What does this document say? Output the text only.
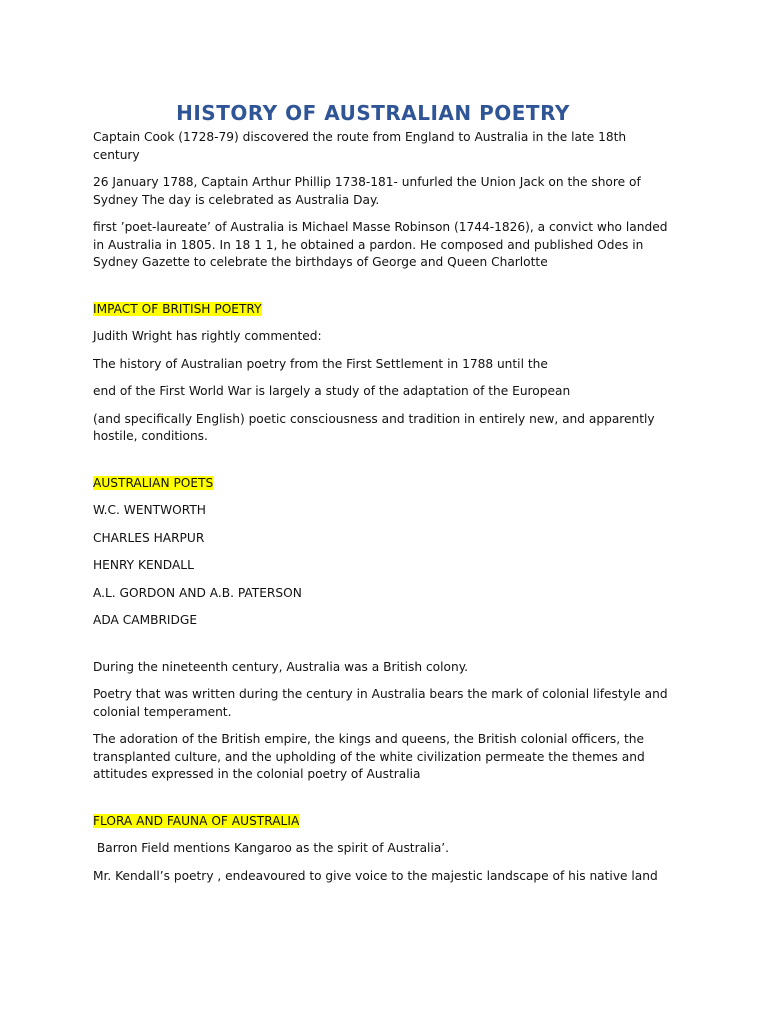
HISTORY OF AUSTRALIAN POETRY

Captain Cook (1728-79) discovered the route from England to Australia in the late 18th century

26 January 1788, Captain Arthur Phillip 1738-181- unfurled the Union Jack on the shore of Sydney The day is celebrated as Australia Day.

first ’poet-laureate’ of Australia is Michael Masse Robinson (1744-1826), a convict who landed in Australia in 1805. In 18 1 1, he obtained a pardon. He composed and published Odes in Sydney Gazette to celebrate the birthdays of George and Queen Charlotte

IMPACT OF BRITISH POETRY

Judith Wright has rightly commented:

The history of Australian poetry from the First Settlement in 1788 until the

end of the First World War is largely a study of the adaptation of the European

(and specifically English) poetic consciousness and tradition in entirely new, and apparently hostile, conditions.

AUSTRALIAN POETS

W.C. WENTWORTH

CHARLES HARPUR

HENRY KENDALL

A.L. GORDON AND A.B. PATERSON

ADA CAMBRIDGE

During the nineteenth century, Australia was a British colony.

Poetry that was written during the century in Australia bears the mark of colonial lifestyle and colonial temperament.

The adoration of the British empire, the kings and queens, the British colonial officers, the transplanted culture, and the upholding of the white civilization permeate the themes and attitudes expressed in the colonial poetry of Australia

FLORA AND FAUNA OF AUSTRALIA

Barron Field mentions Kangaroo as the spirit of Australia’.

Mr. Kendall’s poetry , endeavoured to give voice to the majestic landscape of his native land
